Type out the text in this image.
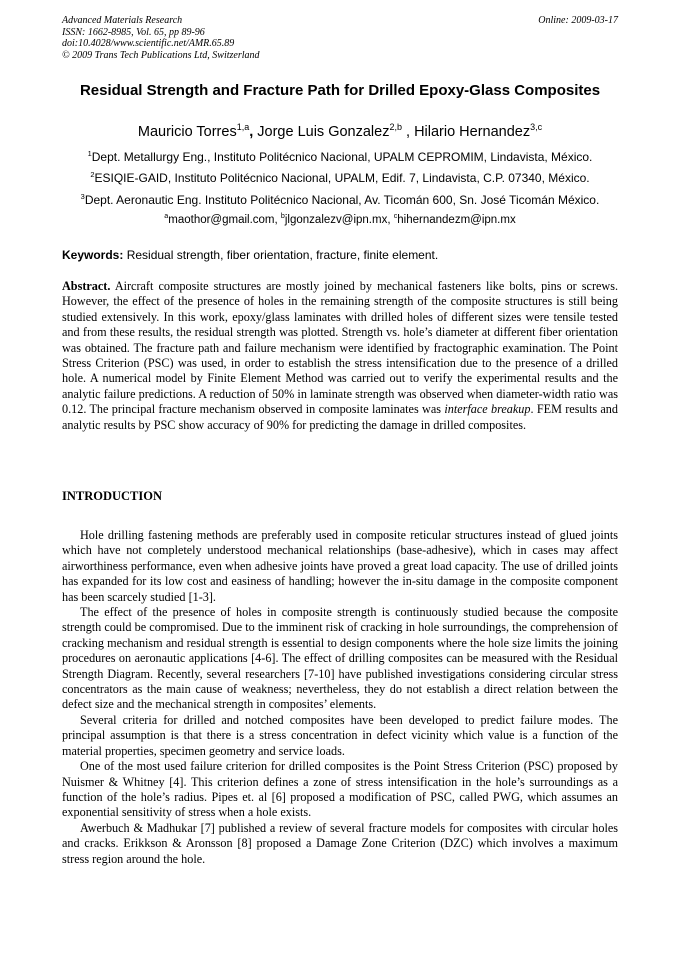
Advanced Materials Research
ISSN: 1662-8985, Vol. 65, pp 89-96
doi:10.4028/www.scientific.net/AMR.65.89
© 2009 Trans Tech Publications Ltd, Switzerland
Online: 2009-03-17
Residual Strength and Fracture Path for Drilled Epoxy-Glass Composites
Mauricio Torres$^{1,a}$, Jorge Luis Gonzalez$^{2,b}$ , Hilario Hernandez$^{3,c}$
$^1$Dept. Metallurgy Eng., Instituto Politécnico Nacional, UPALM CEPROMIM, Lindavista, México.
$^2$ESIQIE-GAID, Instituto Politécnico Nacional, UPALM, Edif. 7, Lindavista, C.P. 07340, México.
$^3$Dept. Aeronautic Eng. Instituto Politécnico Nacional, Av. Ticomán 600, Sn. José Ticomán México.
$^a$maothor@gmail.com, $^b$jlgonzalezv@ipn.mx, $^c$hihernandezm@ipn.mx
Keywords: Residual strength, fiber orientation, fracture, finite element.
Abstract. Aircraft composite structures are mostly joined by mechanical fasteners like bolts, pins or screws. However, the effect of the presence of holes in the remaining strength of the composite structures is still being studied extensively. In this work, epoxy/glass laminates with drilled holes of different sizes were tensile tested and from these results, the residual strength was plotted. Strength vs. hole’s diameter at different fiber orientation was obtained. The fracture path and failure mechanism were identified by fractographic examination. The Point Stress Criterion (PSC) was used, in order to establish the stress intensification due to the presence of a drilled hole. A numerical model by Finite Element Method was carried out to verify the experimental results and the analytic failure predictions. A reduction of 50% in laminate strength was observed when diameter-width ratio was 0.12. The principal fracture mechanism observed in composite laminates was interface breakup. FEM results and analytic results by PSC show accuracy of 90% for predicting the damage in drilled composites.
INTRODUCTION

Hole drilling fastening methods are preferably used in composite reticular structures instead of glued joints which have not completely understood mechanical relationships (base-adhesive), which in cases may affect airworthiness performance, even when adhesive joints have proved a great load capacity. The use of drilled joints has expanded for its low cost and easiness of handling; however the in-situ damage in the composite component has been scarcely studied [1-3].

The effect of the presence of holes in composite strength is continuously studied because the composite strength could be compromised. Due to the imminent risk of cracking in hole surroundings, the comprehension of cracking mechanism and residual strength is essential to design components where the hole size limits the joining procedures on aeronautic applications [4-6]. The effect of drilling composites can be measured with the Residual Strength Diagram. Recently, several researchers [7-10] have published investigations considering circular stress concentrators as the main cause of weakness; nevertheless, they do not establish a direct relation between the defect size and the mechanical strength in composites’ elements.

Several criteria for drilled and notched composites have been developed to predict failure modes. The principal assumption is that there is a stress concentration in defect vicinity which value is a function of the material properties, specimen geometry and service loads.

One of the most used failure criterion for drilled composites is the Point Stress Criterion (PSC) proposed by Nuismer & Whitney [4]. This criterion defines a zone of stress intensification in the hole’s surroundings as a function of the hole’s radius. Pipes et. al [6] proposed a modification of PSC, called PWG, which assumes an exponential sensitivity of stress when a hole exists.

Awerbuch & Madhukar [7] published a review of several fracture models for composites with circular holes and cracks. Erikkson & Aronsson [8] proposed a Damage Zone Criterion (DZC) which involves a maximum stress region around the hole.
